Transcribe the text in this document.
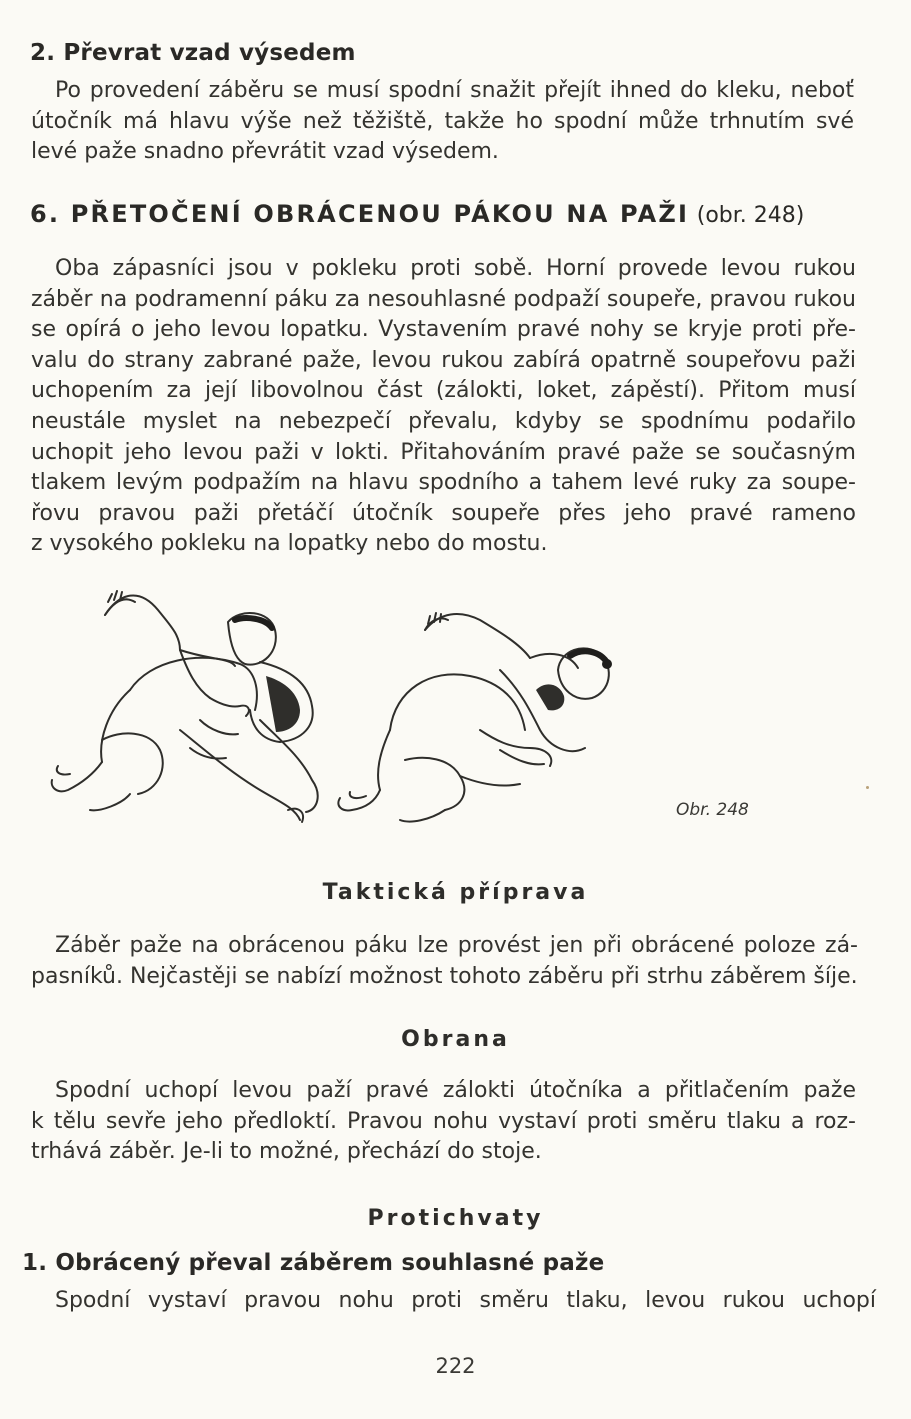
2. Převrat vzad výsedem
Po provedení záběru se musí spodní snažit přejít ihned do kleku, neboť
útočník má hlavu výše než těžiště, takže ho spodní může trhnutím své
levé paže snadno převrátit vzad výsedem.
6. PŘETOČENÍ OBRÁCENOU PÁKOU NA PAŽI (obr. 248)
Oba zápasníci jsou v pokleku proti sobě. Horní provede levou rukou
záběr na podramenní páku za nesouhlasné podpaží soupeře, pravou rukou
se opírá o jeho levou lopatku. Vystavením pravé nohy se kryje proti pře-
valu do strany zabrané paže, levou rukou zabírá opatrně soupeřovu paži
uchopením za její libovolnou část (zálokti, loket, zápěstí). Přitom musí
neustále myslet na nebezpečí převalu, kdyby se spodnímu podařilo
uchopit jeho levou paži v lokti. Přitahováním pravé paže se současným
tlakem levým podpažím na hlavu spodního a tahem levé ruky za soupe-
řovu pravou paži přetáčí útočník soupeře přes jeho pravé rameno
z vysokého pokleku na lopatky nebo do mostu.
Obr. 248
Taktická příprava
Záběr paže na obrácenou páku lze provést jen při obrácené poloze zá-
pasníků. Nejčastěji se nabízí možnost tohoto záběru při strhu záběrem šíje.
Obrana
Spodní uchopí levou paží pravé zálokti útočníka a přitlačením paže
k tělu sevře jeho předloktí. Pravou nohu vystaví proti směru tlaku a roz-
trhává záběr. Je-li to možné, přechází do stoje.
Protichvaty
1. Obrácený převal záběrem souhlasné paže
Spodní vystaví pravou nohu proti směru tlaku, levou rukou uchopí
222
